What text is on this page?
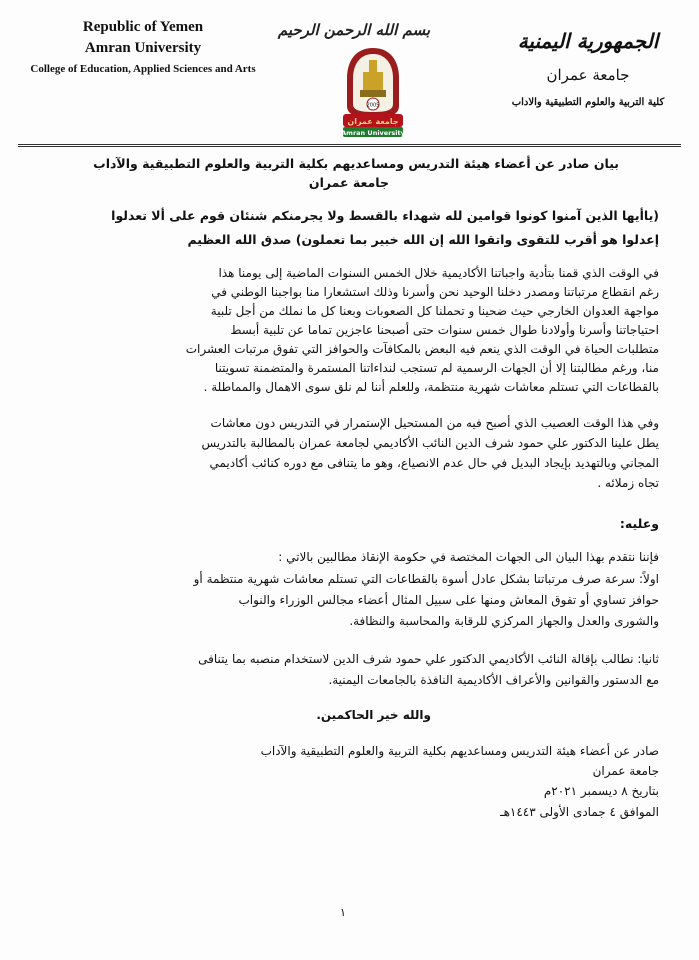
Republic of Yemen
Amran University
College of Education, Applied Sciences and Arts
بسم الله الرحمن الرحيم
2005
جامعة عمران
Amran University
الجمهورية اليمنية
جامعة عمران
كلية التربية والعلوم التطبيقية والاداب
بيان صادر عن أعضاء هيئة التدريس ومساعديهم بكلية التربية والعلوم التطبيقية والآداب
جامعة عمران
(ياأيها الذين آمنوا كونوا قوامين لله شهداء بالقسط ولا يجرمنكم شنئان قوم على ألا تعدلوا
إعدلوا هو أقرب للتقوى واتقوا الله إن الله خبير بما تعملون) صدق الله العظيم
في الوقت الذي قمنا بتأدية واجباتنا الأكاديمية خلال الخمس السنوات الماضية إلى يومنا هذا
رغم انقطاع مرتباتنا ومصدر دخلنا الوحيد نحن وأسرنا وذلك استشعارا منا بواجبنا الوطني في
مواجهة العدوان الخارجي حيث ضحينا و تحملنا كل الصعوبات وبعنا كل ما نملك من أجل تلبية
احتياجاتنا وأسرنا وأولادنا طوال خمس سنوات حتى أصبحنا عاجزين تماما عن تلبية أبسط
متطلبات الحياة في الوقت الذي ينعم فيه البعض بالمكافآت والحوافز التي تفوق مرتبات العشرات
منا، ورغم مطالبتنا إلا أن الجهات الرسمية لم تستجب لنداءاتنا المستمرة والمتضمنة تسويتنا
بالقطاعات التي تستلم معاشات شهرية منتظمة، وللعلم أننا لم نلق سوى الاهمال والمماطلة .
وفي هذا الوقت العصيب الذي أصبح فيه من المستحيل الإستمرار في التدريس دون معاشات
يطل علينا الدكتور علي حمود شرف الدين النائب الأكاديمي لجامعة عمران بالمطالبة بالتدريس
المجاني وبالتهديد بإيجاد البديل في حال عدم الانصياع، وهو ما يتنافى مع دوره كنائب أكاديمي
تجاه زملائه .
وعليه:
فإننا نتقدم بهذا البيان الى الجهات المختصة في حكومة الإنقاذ مطالبين بالاتي :
اولاً: سرعة صرف مرتباتنا بشكل عادل أسوة بالقطاعات التي تستلم معاشات شهرية منتظمة أو
حوافز تساوي أو تفوق المعاش ومنها على سبيل المثال أعضاء مجالس الوزراء والنواب
والشورى والعدل والجهاز المركزي للرقابة والمحاسبة والنظافة.
ثانيا: نطالب بإقالة النائب الأكاديمي الدكتور علي حمود شرف الدين لاستخدام منصبه بما يتنافى
مع الدستور والقوانين والأعراف الأكاديمية النافذة بالجامعات اليمنية.
والله خير الحاكمين.
صادر عن أعضاء هيئة التدريس ومساعديهم بكلية التربية والعلوم التطبيقية والآداب
جامعة عمران
بتاريخ ٨ ديسمبر ٢٠٢١م
الموافق ٤ جمادى الأولى ١٤٤٣هـ
١
